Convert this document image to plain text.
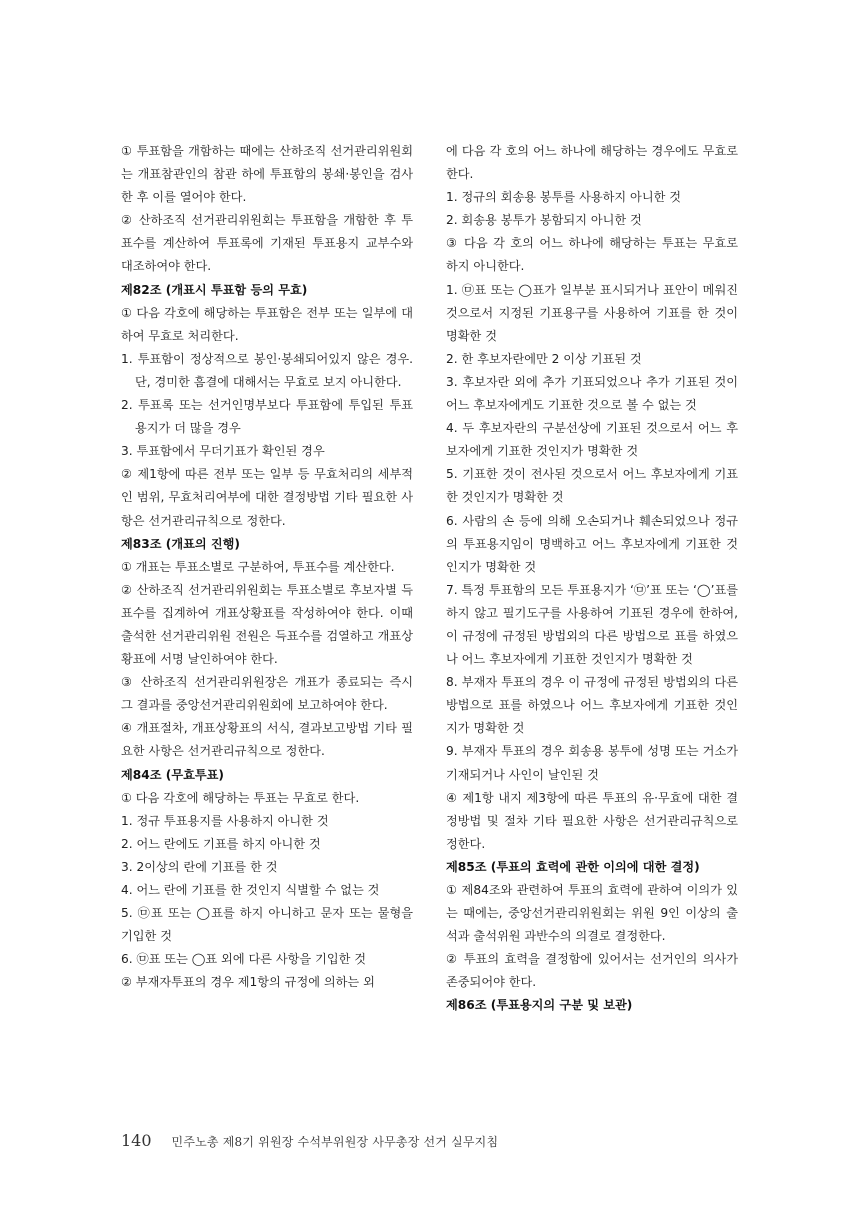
① 투표함을 개함하는 때에는 산하조직 선거관리위원회는 개표참관인의 참관 하에 투표함의 봉쇄·봉인을 검사한 후 이를 열어야 한다.

② 산하조직 선거관리위원회는 투표함을 개함한 후 투표수를 계산하여 투표록에 기재된 투표용지 교부수와 대조하여야 한다.

제82조 (개표시 투표함 등의 무효)

① 다음 각호에 해당하는 투표함은 전부 또는 일부에 대하여 무효로 처리한다.

1. 투표함이 정상적으로 봉인·봉쇄되어있지 않은 경우. 단, 경미한 흠결에 대해서는 무효로 보지 아니한다.

2. 투표록 또는 선거인명부보다 투표함에 투입된 투표용지가 더 많을 경우

3. 투표함에서 무더기표가 확인된 경우

② 제1항에 따른 전부 또는 일부 등 무효처리의 세부적인 범위, 무효처리여부에 대한 결정방법 기타 필요한 사항은 선거관리규칙으로 정한다.

제83조 (개표의 진행)

① 개표는 투표소별로 구분하여, 투표수를 계산한다.

② 산하조직 선거관리위원회는 투표소별로 후보자별 득표수를 집계하여 개표상황표를 작성하여야 한다. 이때 출석한 선거관리위원 전원은 득표수를 검열하고 개표상황표에 서명 날인하여야 한다.

③ 산하조직 선거관리위원장은 개표가 종료되는 즉시 그 결과를 중앙선거관리위원회에 보고하여야 한다.

④ 개표절차, 개표상황표의 서식, 결과보고방법 기타 필요한 사항은 선거관리규칙으로 정한다.

제84조 (무효투표)

① 다음 각호에 해당하는 투표는 무효로 한다.

1. 정규 투표용지를 사용하지 아니한 것

2. 어느 란에도 기표를 하지 아니한 것

3. 2이상의 란에 기표를 한 것

4. 어느 란에 기표를 한 것인지 식별할 수 없는 것

5. ㉤표 또는 ◯표를 하지 아니하고 문자 또는 물형을 기입한 것

6. ㉤표 또는 ◯표 외에 다른 사항을 기입한 것

② 부재자투표의 경우 제1항의 규정에 의하는 외

에 다음 각 호의 어느 하나에 해당하는 경우에도 무효로 한다.

1. 정규의 회송용 봉투를 사용하지 아니한 것

2. 회송용 봉투가 봉함되지 아니한 것

③ 다음 각 호의 어느 하나에 해당하는 투표는 무효로 하지 아니한다.

1. ㉤표 또는 ◯표가 일부분 표시되거나 표안이 메워진 것으로서 지정된 기표용구를 사용하여 기표를 한 것이 명확한 것

2. 한 후보자란에만 2 이상 기표된 것

3. 후보자란 외에 추가 기표되었으나 추가 기표된 것이 어느 후보자에게도 기표한 것으로 볼 수 없는 것

4. 두 후보자란의 구분선상에 기표된 것으로서 어느 후보자에게 기표한 것인지가 명확한 것

5. 기표한 것이 전사된 것으로서 어느 후보자에게 기표한 것인지가 명확한 것

6. 사람의 손 등에 의해 오손되거나 훼손되었으나 정규의 투표용지임이 명백하고 어느 후보자에게 기표한 것인지가 명확한 것

7. 특정 투표함의 모든 투표용지가 ‘㉤’표 또는 ‘◯’표를 하지 않고 필기도구를 사용하여 기표된 경우에 한하여, 이 규정에 규정된 방법외의 다른 방법으로 표를 하였으나 어느 후보자에게 기표한 것인지가 명확한 것

8. 부재자 투표의 경우 이 규정에 규정된 방법외의 다른 방법으로 표를 하였으나 어느 후보자에게 기표한 것인지가 명확한 것

9. 부재자 투표의 경우 회송용 봉투에 성명 또는 거소가 기재되거나 사인이 날인된 것

④ 제1항 내지 제3항에 따른 투표의 유·무효에 대한 결정방법 및 절차 기타 필요한 사항은 선거관리규칙으로 정한다.

제85조 (투표의 효력에 관한 이의에 대한 결정)

① 제84조와 관련하여 투표의 효력에 관하여 이의가 있는 때에는, 중앙선거관리위원회는 위원 9인 이상의 출석과 출석위원 과반수의 의결로 결정한다.

② 투표의 효력을 결정함에 있어서는 선거인의 의사가 존중되어야 한다.

제86조 (투표용지의 구분 및 보관)

140 민주노총 제8기 위원장 수석부위원장 사무총장 선거 실무지침
